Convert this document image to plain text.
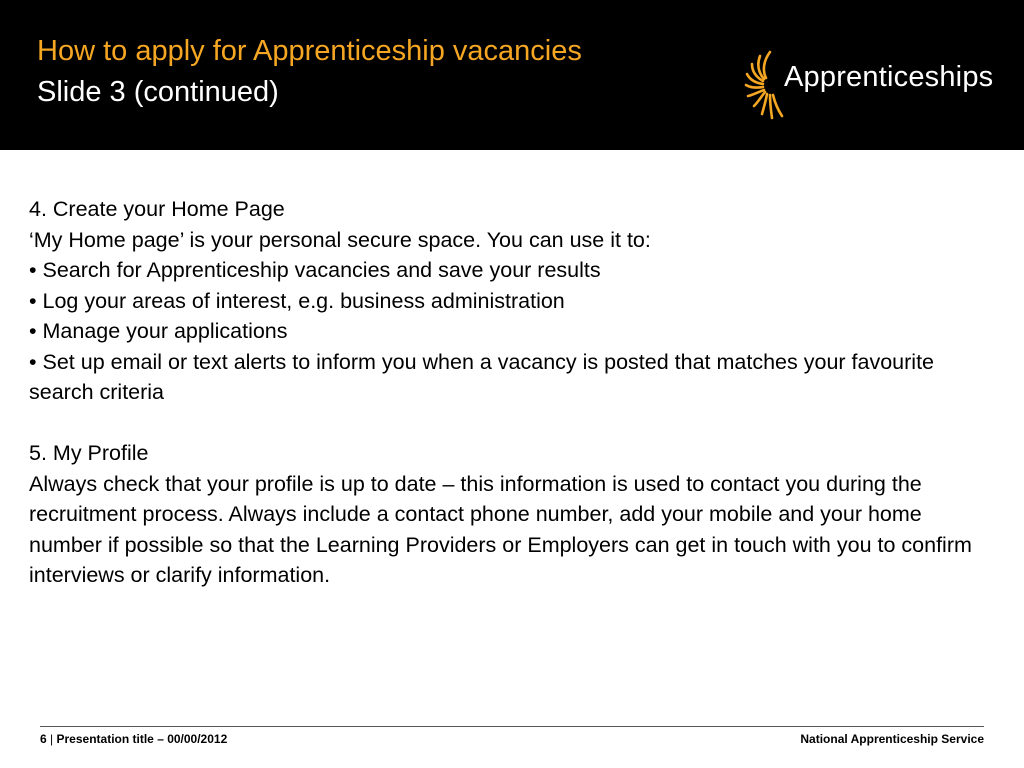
How to apply for Apprenticeship vacancies
Slide 3 (continued)	Apprenticeships

4. Create your Home Page

‘My Home page’ is your personal secure space. You can use it to:

• Search for Apprenticeship vacancies and save your results

• Log your areas of interest, e.g. business administration

• Manage your applications

• Set up email or text alerts to inform you when a vacancy is posted that matches your favourite search criteria

5. My Profile

Always check that your profile is up to date – this information is used to contact you during the recruitment process. Always include a contact phone number, add your mobile and your home number if possible so that the Learning Providers or Employers can get in touch with you to confirm interviews or clarify information.

6 | Presentation title – 00/00/2012	National Apprenticeship Service
